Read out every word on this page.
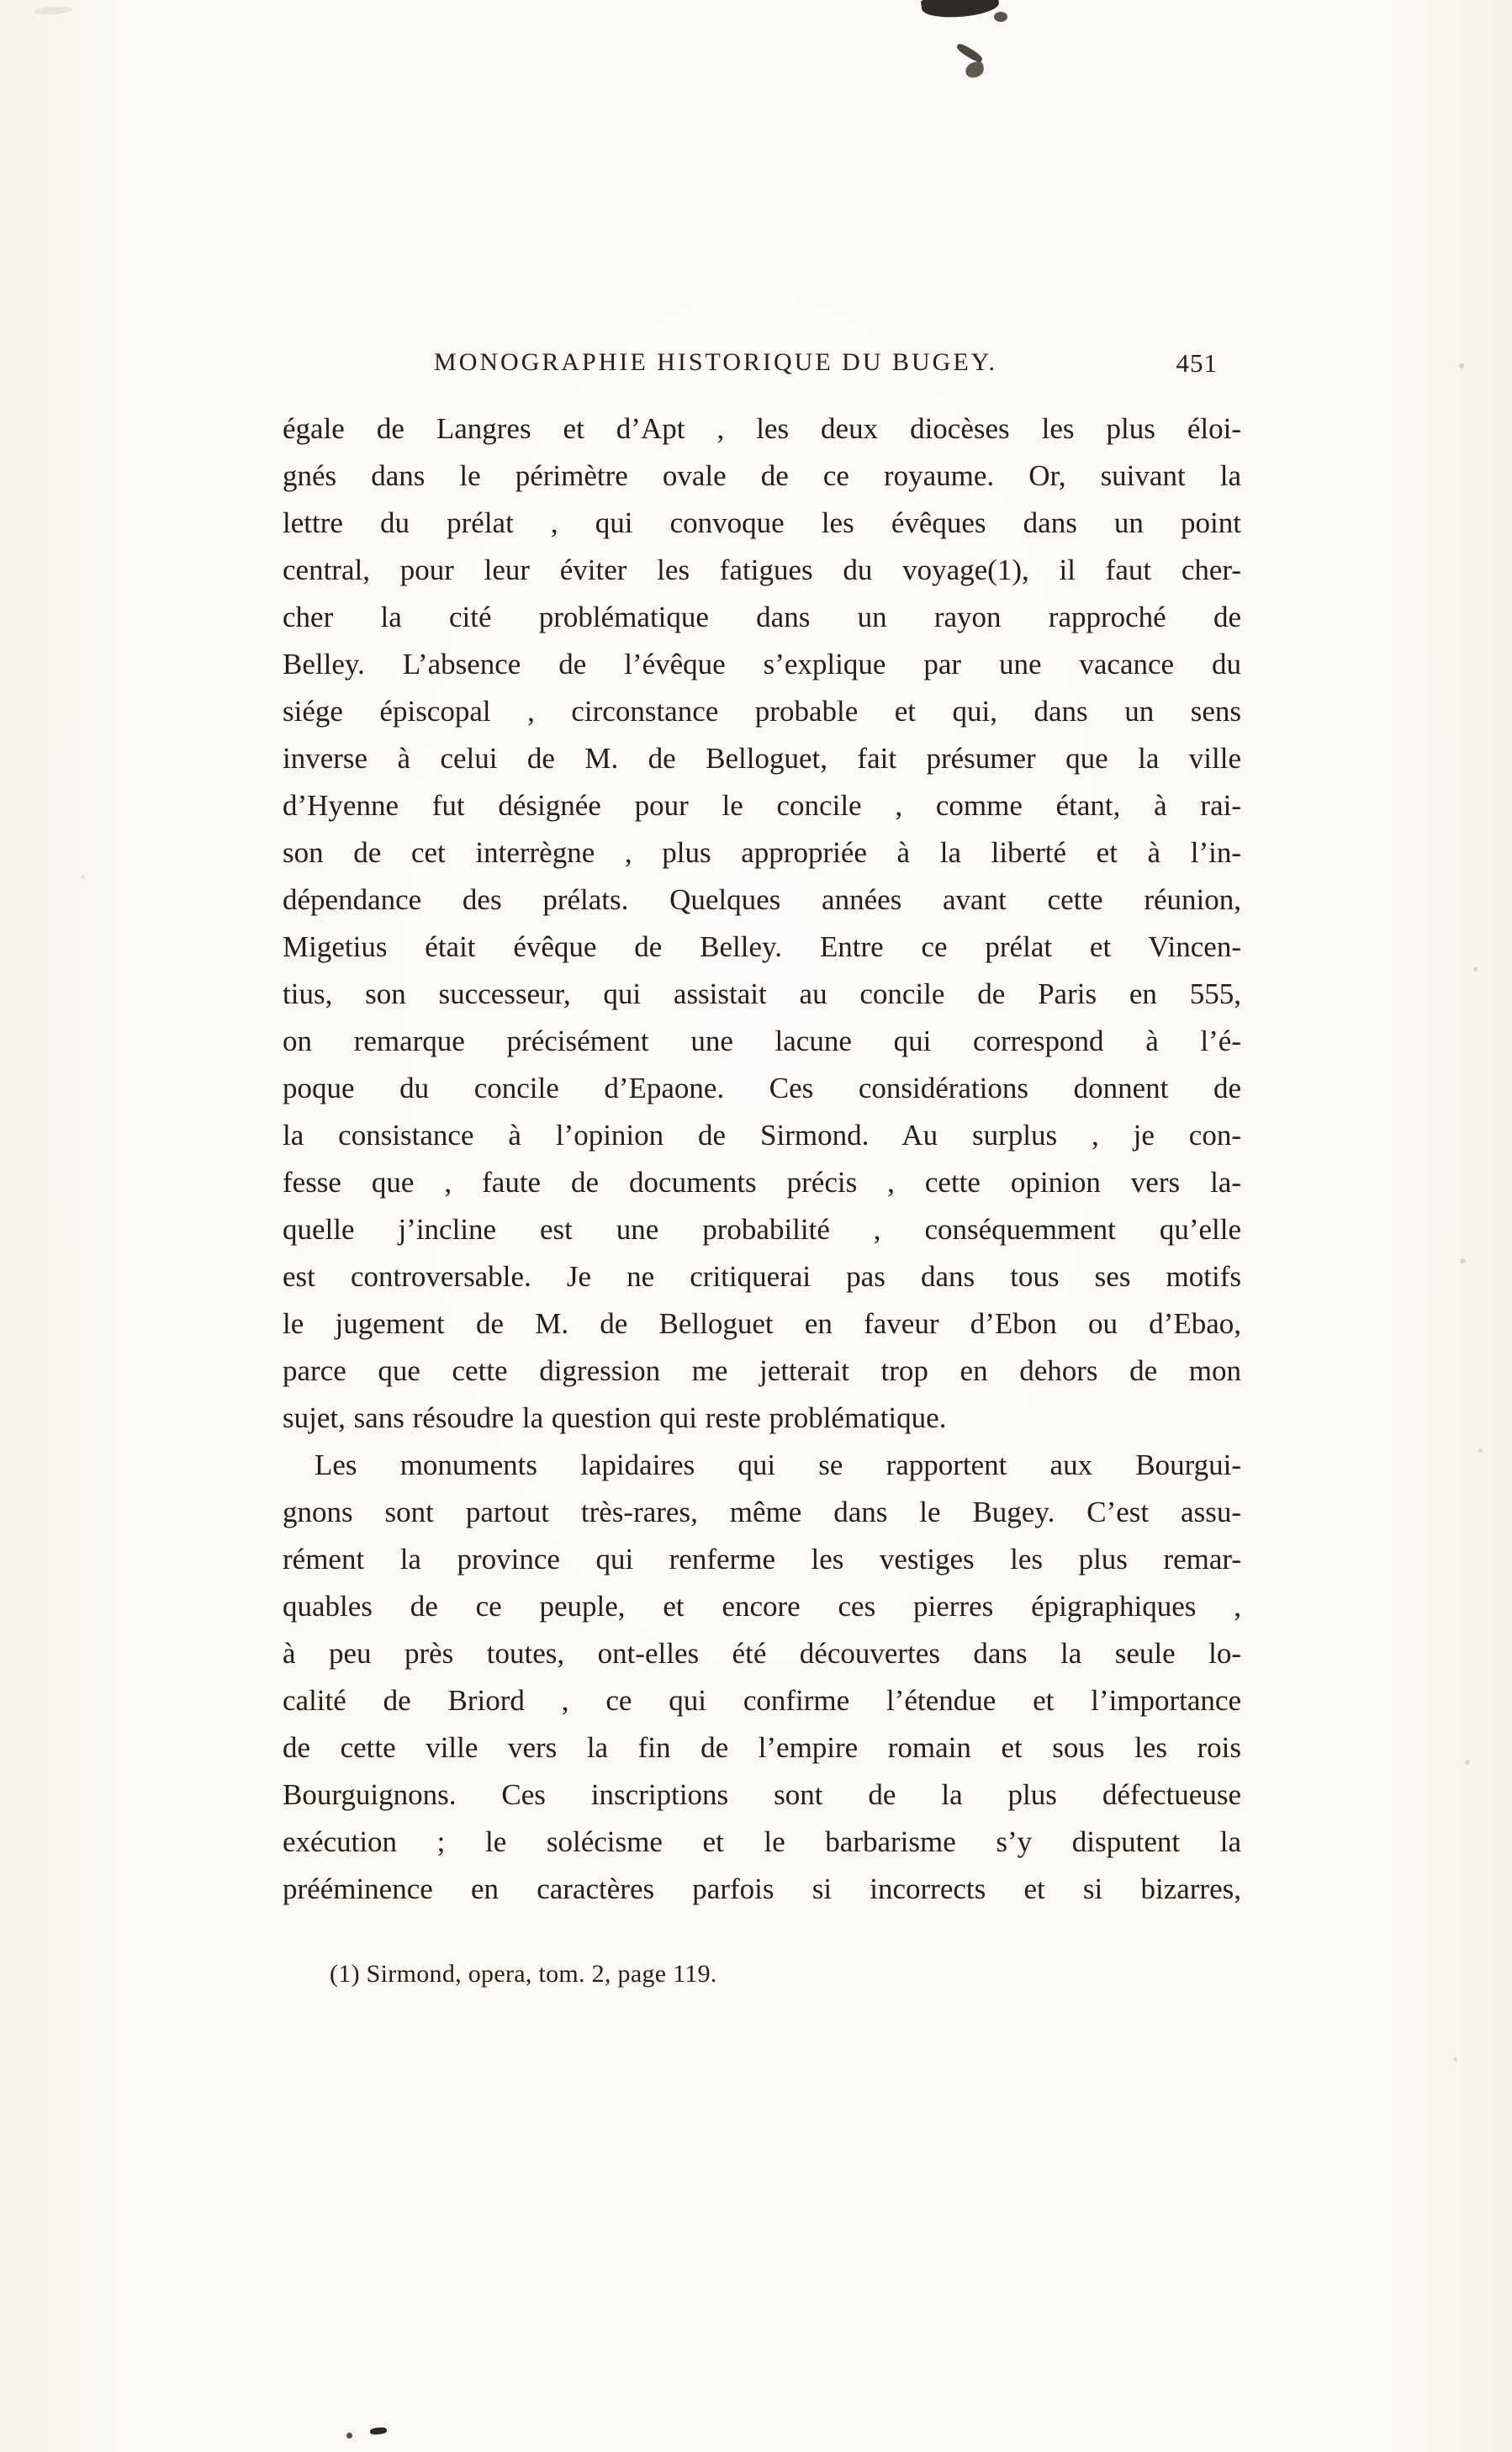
MONOGRAPHIE HISTORIQUE DU BUGEY.	451
égale de Langres et d’Apt , les deux diocèses les plus éloi-
gnés dans le périmètre ovale de ce royaume. Or, suivant la
lettre du prélat , qui convoque les évêques dans un point
central, pour leur éviter les fatigues du voyage(1), il faut cher-
cher la cité problématique dans un rayon rapproché de
Belley. L’absence de l’évêque s’explique par une vacance du
siége épiscopal , circonstance probable et qui, dans un sens
inverse à celui de M. de Belloguet, fait présumer que la ville
d’Hyenne fut désignée pour le concile , comme étant, à rai-
son de cet interrègne , plus appropriée à la liberté et à l’in-
dépendance des prélats. Quelques années avant cette réunion,
Migetius était évêque de Belley. Entre ce prélat et Vincen-
tius, son successeur, qui assistait au concile de Paris en 555,
on remarque précisément une lacune qui correspond à l’é-
poque du concile d’Epaone. Ces considérations donnent de
la consistance à l’opinion de Sirmond. Au surplus , je con-
fesse que , faute de documents précis , cette opinion vers la-
quelle j’incline est une probabilité , conséquemment qu’elle
est controversable. Je ne critiquerai pas dans tous ses motifs
le jugement de M. de Belloguet en faveur d’Ebon ou d’Ebao,
parce que cette digression me jetterait trop en dehors de mon
sujet, sans résoudre la question qui reste problématique.
Les monuments lapidaires qui se rapportent aux Bourgui-
gnons sont partout très-rares, même dans le Bugey. C’est assu-
rément la province qui renferme les vestiges les plus remar-
quables de ce peuple, et encore ces pierres épigraphiques ,
à peu près toutes, ont-elles été découvertes dans la seule lo-
calité de Briord , ce qui confirme l’étendue et l’importance
de cette ville vers la fin de l’empire romain et sous les rois
Bourguignons. Ces inscriptions sont de la plus défectueuse
exécution ; le solécisme et le barbarisme s’y disputent la
prééminence en caractères parfois si incorrects et si bizarres,
(1) Sirmond, opera, tom. 2, page 119.
